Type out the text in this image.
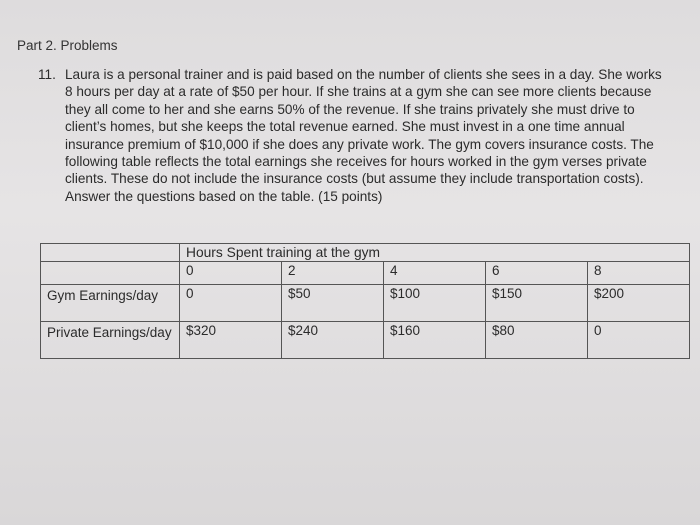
Part 2. Problems
11. Laura is a personal trainer and is paid based on the number of clients she sees in a day. She works 8 hours per day at a rate of $50 per hour. If she trains at a gym she can see more clients because they all come to her and she earns 50% of the revenue. If she trains privately she must drive to client’s homes, but she keeps the total revenue earned. She must invest in a one time annual insurance premium of $10,000 if she does any private work. The gym covers insurance costs. The following table reflects the total earnings she receives for hours worked in the gym verses private clients. These do not include the insurance costs (but assume they include transportation costs). Answer the questions based on the table. (15 points)
	Hours Spent training at the gym				
	0	2	4	6	8
Gym Earnings/day	0	$50	$100	$150	$200
Private Earnings/day	$320	$240	$160	$80	0
